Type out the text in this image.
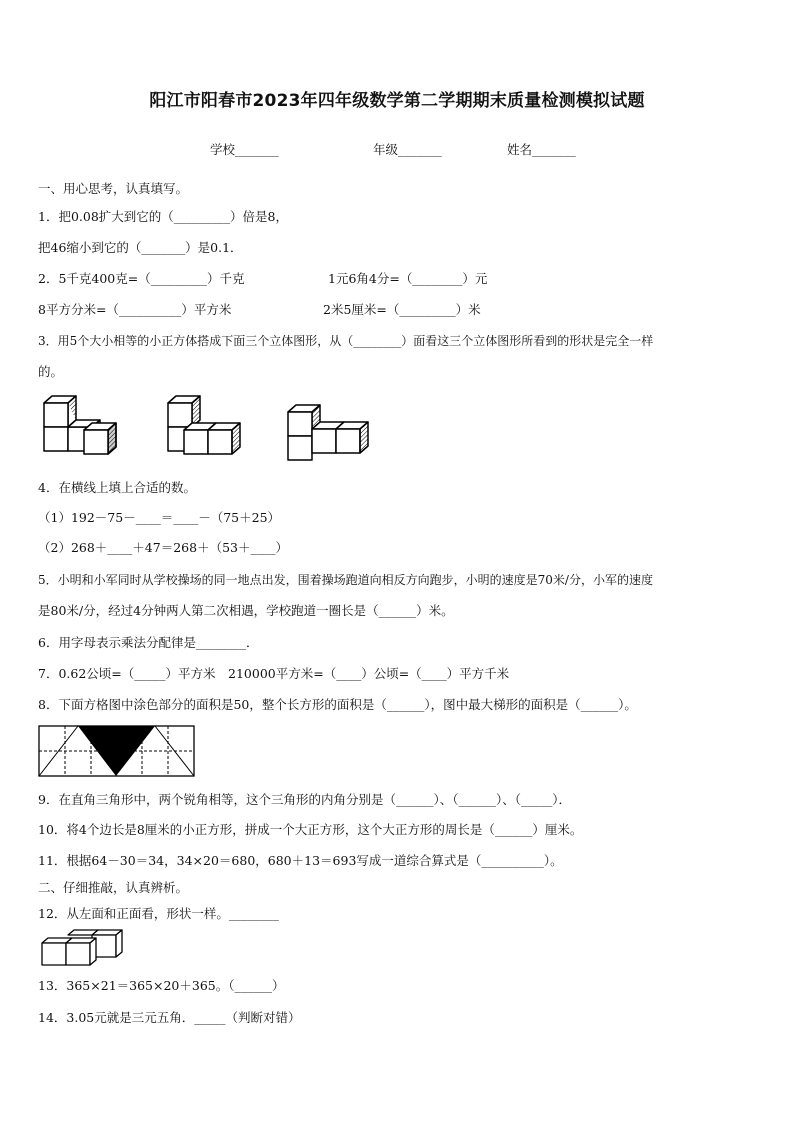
阳江市阳春市2023年四年级数学第二学期期末质量检测模拟试题
学校_______	年级_______	姓名_______
一、用心思考，认真填写。
1．把0.08扩大到它的（_________）倍是8，
把46缩小到它的（_______）是0.1．
2．5千克400克=（_________）千克	1元6角4分=（________）元
8平方分米=（__________）平方米	2米5厘米=（_________）米
3．用5个大小相等的小正方体搭成下面三个立体图形，从（________）面看这三个立体图形所看到的形状是完全一样
的。
4．在横线上填上合适的数。
（1）192－75－____＝____－（75＋25）
（2）268＋____＋47＝268＋（53＋____）
5．小明和小军同时从学校操场的同一地点出发，围着操场跑道向相反方向跑步，小明的速度是70米/分，小军的速度
是80米/分，经过4分钟两人第二次相遇，学校跑道一圈长是（______）米。
6．用字母表示乘法分配律是________．
7．0.62公顷=（_____）平方米　210000平方米=（____）公顷=（____）平方千米
8．下面方格图中涂色部分的面积是50，整个长方形的面积是（______），图中最大梯形的面积是（______）。
9．在直角三角形中，两个锐角相等，这个三角形的内角分别是（______）、（______）、（_____）．
10．将4个边长是8厘米的小正方形，拼成一个大正方形，这个大正方形的周长是（______）厘米。
11．根据64－30＝34，34×20＝680，680＋13＝693写成一道综合算式是（__________）。
二、仔细推敲，认真辨析。
12．从左面和正面看，形状一样。________
13．365×21＝365×20＋365。（______）
14．3.05元就是三元五角．_____（判断对错）
